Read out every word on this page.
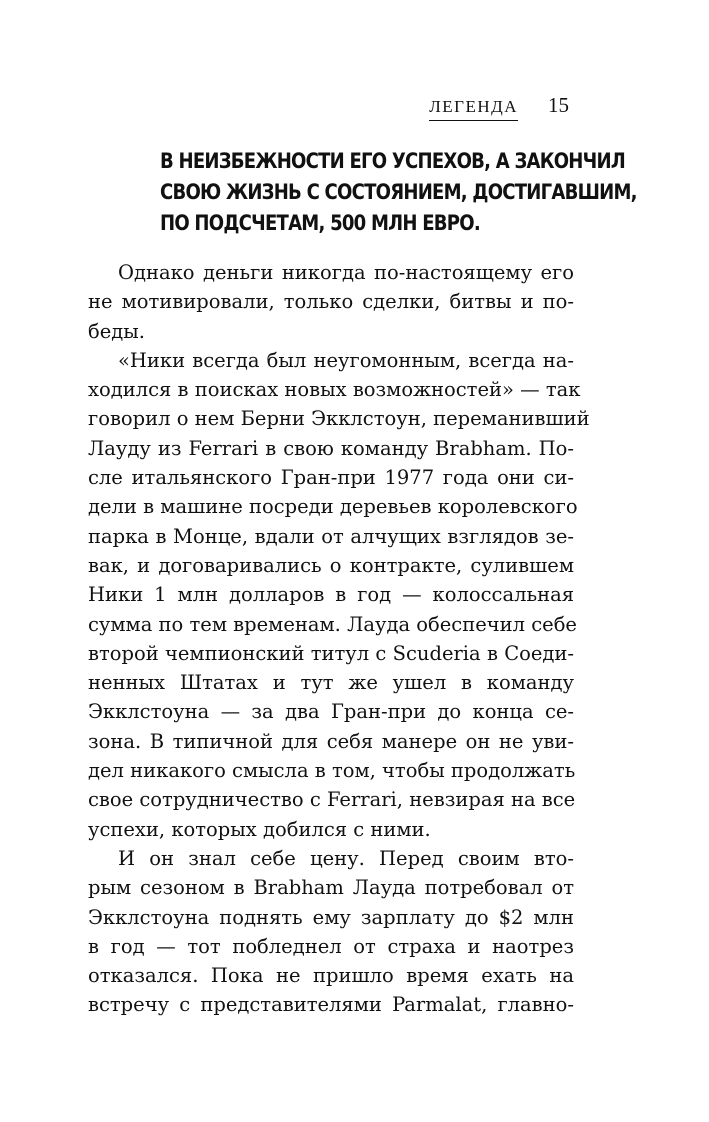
ЛЕГЕНДА 15
В НЕИЗБЕЖНОСТИ ЕГО УСПЕХОВ, А ЗАКОНЧИЛ
СВОЮ ЖИЗНЬ С СОСТОЯНИЕМ, ДОСТИГАВШИМ,
ПО ПОДСЧЕТАМ, 500 МЛН ЕВРО.
Однако деньги никогда по-настоящему его
не мотивировали, только сделки, битвы и по-
беды.
«Ники всегда был неугомонным, всегда на-
ходился в поисках новых возможностей» — так
говорил о нем Берни Экклстоун, переманивший
Лауду из Ferrari в свою команду Brabham. По-
сле итальянского Гран-при 1977 года они си-
дели в машине посреди деревьев королевского
парка в Монце, вдали от алчущих взглядов зе-
вак, и договаривались о контракте, сулившем
Ники 1 млн долларов в год — колоссальная
сумма по тем временам. Лауда обеспечил себе
второй чемпионский титул с Scuderia в Соеди-
ненных Штатах и тут же ушел в команду
Экклстоуна — за два Гран-при до конца се-
зона. В типичной для себя манере он не уви-
дел никакого смысла в том, чтобы продолжать
свое сотрудничество с Ferrari, невзирая на все
успехи, которых добился с ними.
И он знал себе цену. Перед своим вто-
рым сезоном в Brabham Лауда потребовал от
Экклстоуна поднять ему зарплату до $2 млн
в год — тот побледнел от страха и наотрез
отказался. Пока не пришло время ехать на
встречу с представителями Parmalat, главно-
